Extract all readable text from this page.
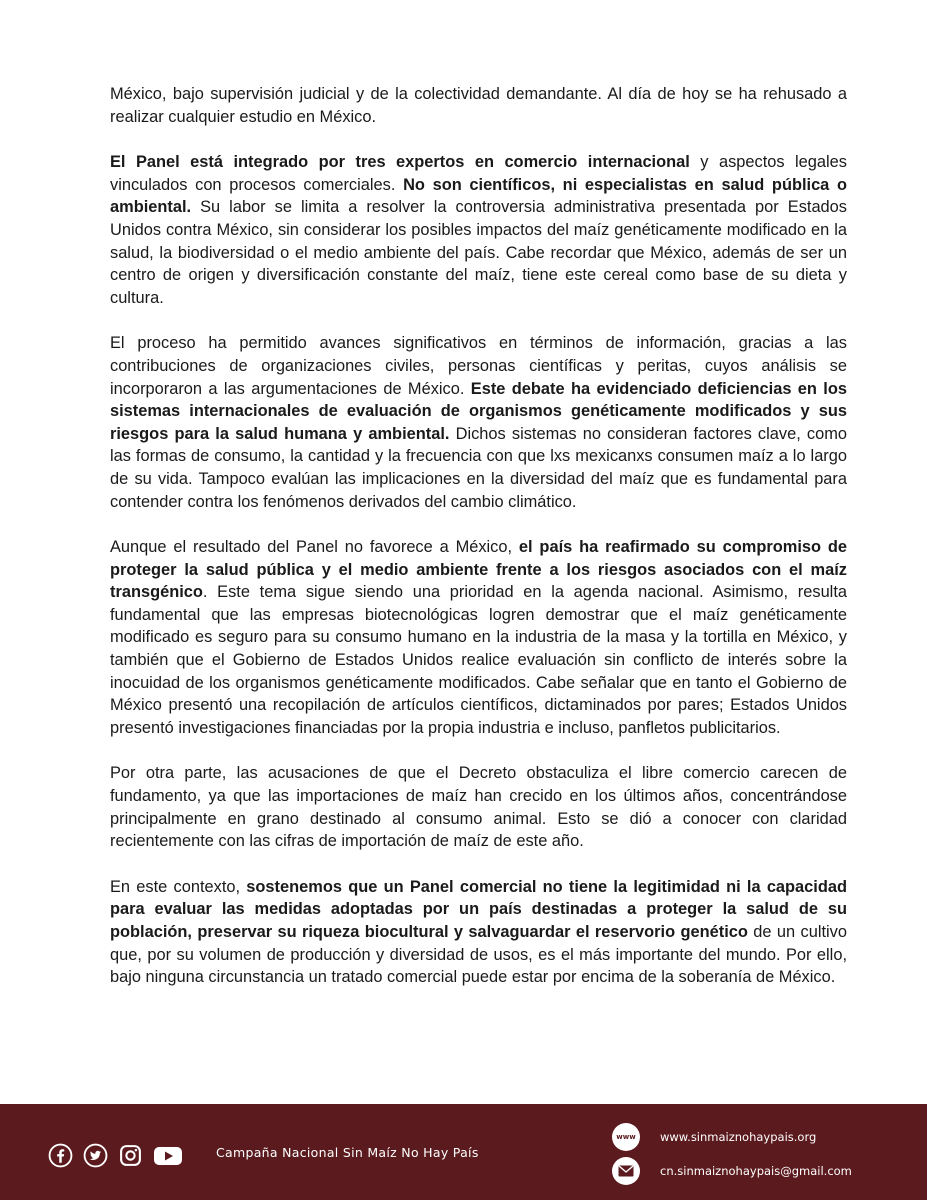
México, bajo supervisión judicial y de la colectividad demandante. Al día de hoy se ha rehusado a realizar cualquier estudio en México.

El Panel está integrado por tres expertos en comercio internacional y aspectos legales vinculados con procesos comerciales. No son científicos, ni especialistas en salud pública o ambiental. Su labor se limita a resolver la controversia administrativa presentada por Estados Unidos contra México, sin considerar los posibles impactos del maíz genéticamente modificado en la salud, la biodiversidad o el medio ambiente del país. Cabe recordar que México, además de ser un centro de origen y diversificación constante del maíz, tiene este cereal como base de su dieta y cultura.

El proceso ha permitido avances significativos en términos de información, gracias a las contribuciones de organizaciones civiles, personas científicas y peritas, cuyos análisis se incorporaron a las argumentaciones de México. Este debate ha evidenciado deficiencias en los sistemas internacionales de evaluación de organismos genéticamente modificados y sus riesgos para la salud humana y ambiental. Dichos sistemas no consideran factores clave, como las formas de consumo, la cantidad y la frecuencia con que lxs mexicanxs consumen maíz a lo largo de su vida. Tampoco evalúan las implicaciones en la diversidad del maíz que es fundamental para contender contra los fenómenos derivados del cambio climático.

Aunque el resultado del Panel no favorece a México, el país ha reafirmado su compromiso de proteger la salud pública y el medio ambiente frente a los riesgos asociados con el maíz transgénico. Este tema sigue siendo una prioridad en la agenda nacional. Asimismo, resulta fundamental que las empresas biotecnológicas logren demostrar que el maíz genéticamente modificado es seguro para su consumo humano en la industria de la masa y la tortilla en México, y también que el Gobierno de Estados Unidos realice evaluación sin conflicto de interés sobre la inocuidad de los organismos genéticamente modificados. Cabe señalar que en tanto el Gobierno de México presentó una recopilación de artículos científicos, dictaminados por pares; Estados Unidos presentó investigaciones financiadas por la propia industria e incluso, panfletos publicitarios.

Por otra parte, las acusaciones de que el Decreto obstaculiza el libre comercio carecen de fundamento, ya que las importaciones de maíz han crecido en los últimos años, concentrándose principalmente en grano destinado al consumo animal. Esto se dió a conocer con claridad recientemente con las cifras de importación de maíz de este año.

En este contexto, sostenemos que un Panel comercial no tiene la legitimidad ni la capacidad para evaluar las medidas adoptadas por un país destinadas a proteger la salud de su población, preservar su riqueza biocultural y salvaguardar el reservorio genético de un cultivo que, por su volumen de producción y diversidad de usos, es el más importante del mundo. Por ello, bajo ninguna circunstancia un tratado comercial puede estar por encima de la soberanía de México.

Campaña Nacional Sin Maíz No Hay País
www	www.sinmaiznohaypais.org
cn.sinmaiznohaypais@gmail.com
